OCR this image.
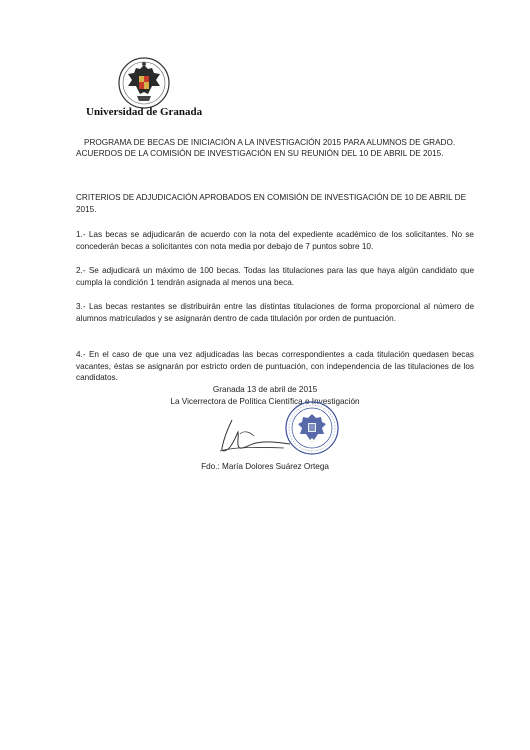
Universidad de Granada
PROGRAMA DE BECAS DE INICIACIÓN A LA INVESTIGACIÓN 2015 PARA ALUMNOS DE GRADO.
ACUERDOS DE LA COMISIÓN DE INVESTIGACIÓN EN SU REUNIÓN DEL 10 DE ABRIL DE 2015.
CRITERIOS DE ADJUDICACIÓN APROBADOS EN COMISIÓN DE INVESTIGACIÓN DE 10 DE ABRIL DE 2015.
1.- Las becas se adjudicarán de acuerdo con la nota del expediente académico de los solicitantes. No se concederán becas a solicitantes con nota media por debajo de 7 puntos sobre 10.
2.- Se adjudicará un máximo de 100 becas. Todas las titulaciones para las que haya algún candidato que cumpla la condición 1 tendrán asignada al menos una beca.
3.- Las becas restantes se distribuirán entre las distintas titulaciones de forma proporcional al número de alumnos matriculados y se asignarán dentro de cada titulación por orden de puntuación.
4.- En el caso de que una vez adjudicadas las becas correspondientes a cada titulación quedasen becas vacantes, éstas se asignarán por estricto orden de puntuación, con independencia de las titulaciones de los candidatos.
Granada 13 de abril de 2015
La Vicerrectora de Política Científica e Investigación
Fdo.: María Dolores Suárez Ortega
